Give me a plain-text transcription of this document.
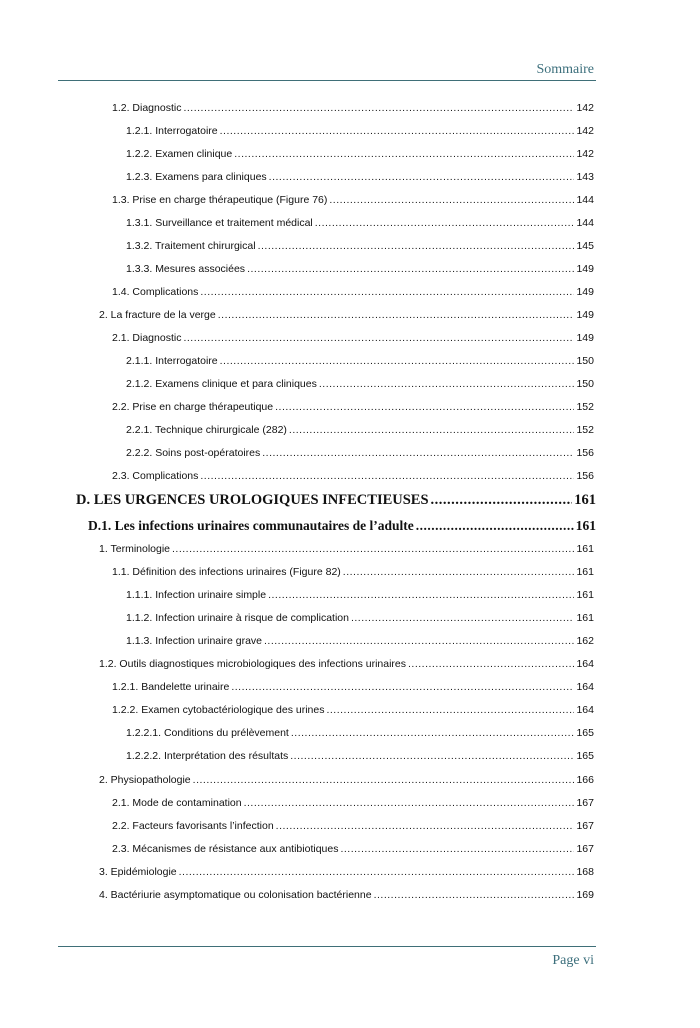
Sommaire
1.2. Diagnostic .....	142
1.2.1. Interrogatoire .....	142
1.2.2. Examen clinique .....	142
1.2.3. Examens para cliniques .....	143
1.3. Prise en charge thérapeutique (Figure 76) .....	144
1.3.1. Surveillance et traitement médical .....	144
1.3.2. Traitement chirurgical .....	145
1.3.3. Mesures associées .....	149
1.4. Complications .....	149
2. La fracture de la verge .....	149
2.1. Diagnostic .....	149
2.1.1. Interrogatoire .....	150
2.1.2. Examens clinique et para cliniques .....	150
2.2. Prise en charge thérapeutique .....	152
2.2.1. Technique chirurgicale (282) .....	152
2.2.2. Soins post-opératoires .....	156
2.3. Complications .....	156
D. LES URGENCES UROLOGIQUES INFECTIEUSES .....	161
D.1. Les infections urinaires communautaires de l’adulte .....	161
1. Terminologie .....	161
1.1. Définition des infections urinaires (Figure 82) .....	161
1.1.1. Infection urinaire simple .....	161
1.1.2. Infection urinaire à risque de complication .....	161
1.1.3. Infection urinaire grave .....	162
1.2. Outils diagnostiques microbiologiques des infections urinaires .....	164
1.2.1. Bandelette urinaire .....	164
1.2.2. Examen cytobactériologique des urines .....	164
1.2.2.1. Conditions du prélèvement .....	165
1.2.2.2. Interprétation des résultats .....	165
2. Physiopathologie .....	166
2.1. Mode de contamination .....	167
2.2. Facteurs favorisants l’infection .....	167
2.3. Mécanismes de résistance aux antibiotiques .....	167
3. Epidémiologie .....	168
4. Bactériurie asymptomatique ou colonisation bactérienne .....	169
Page vi
